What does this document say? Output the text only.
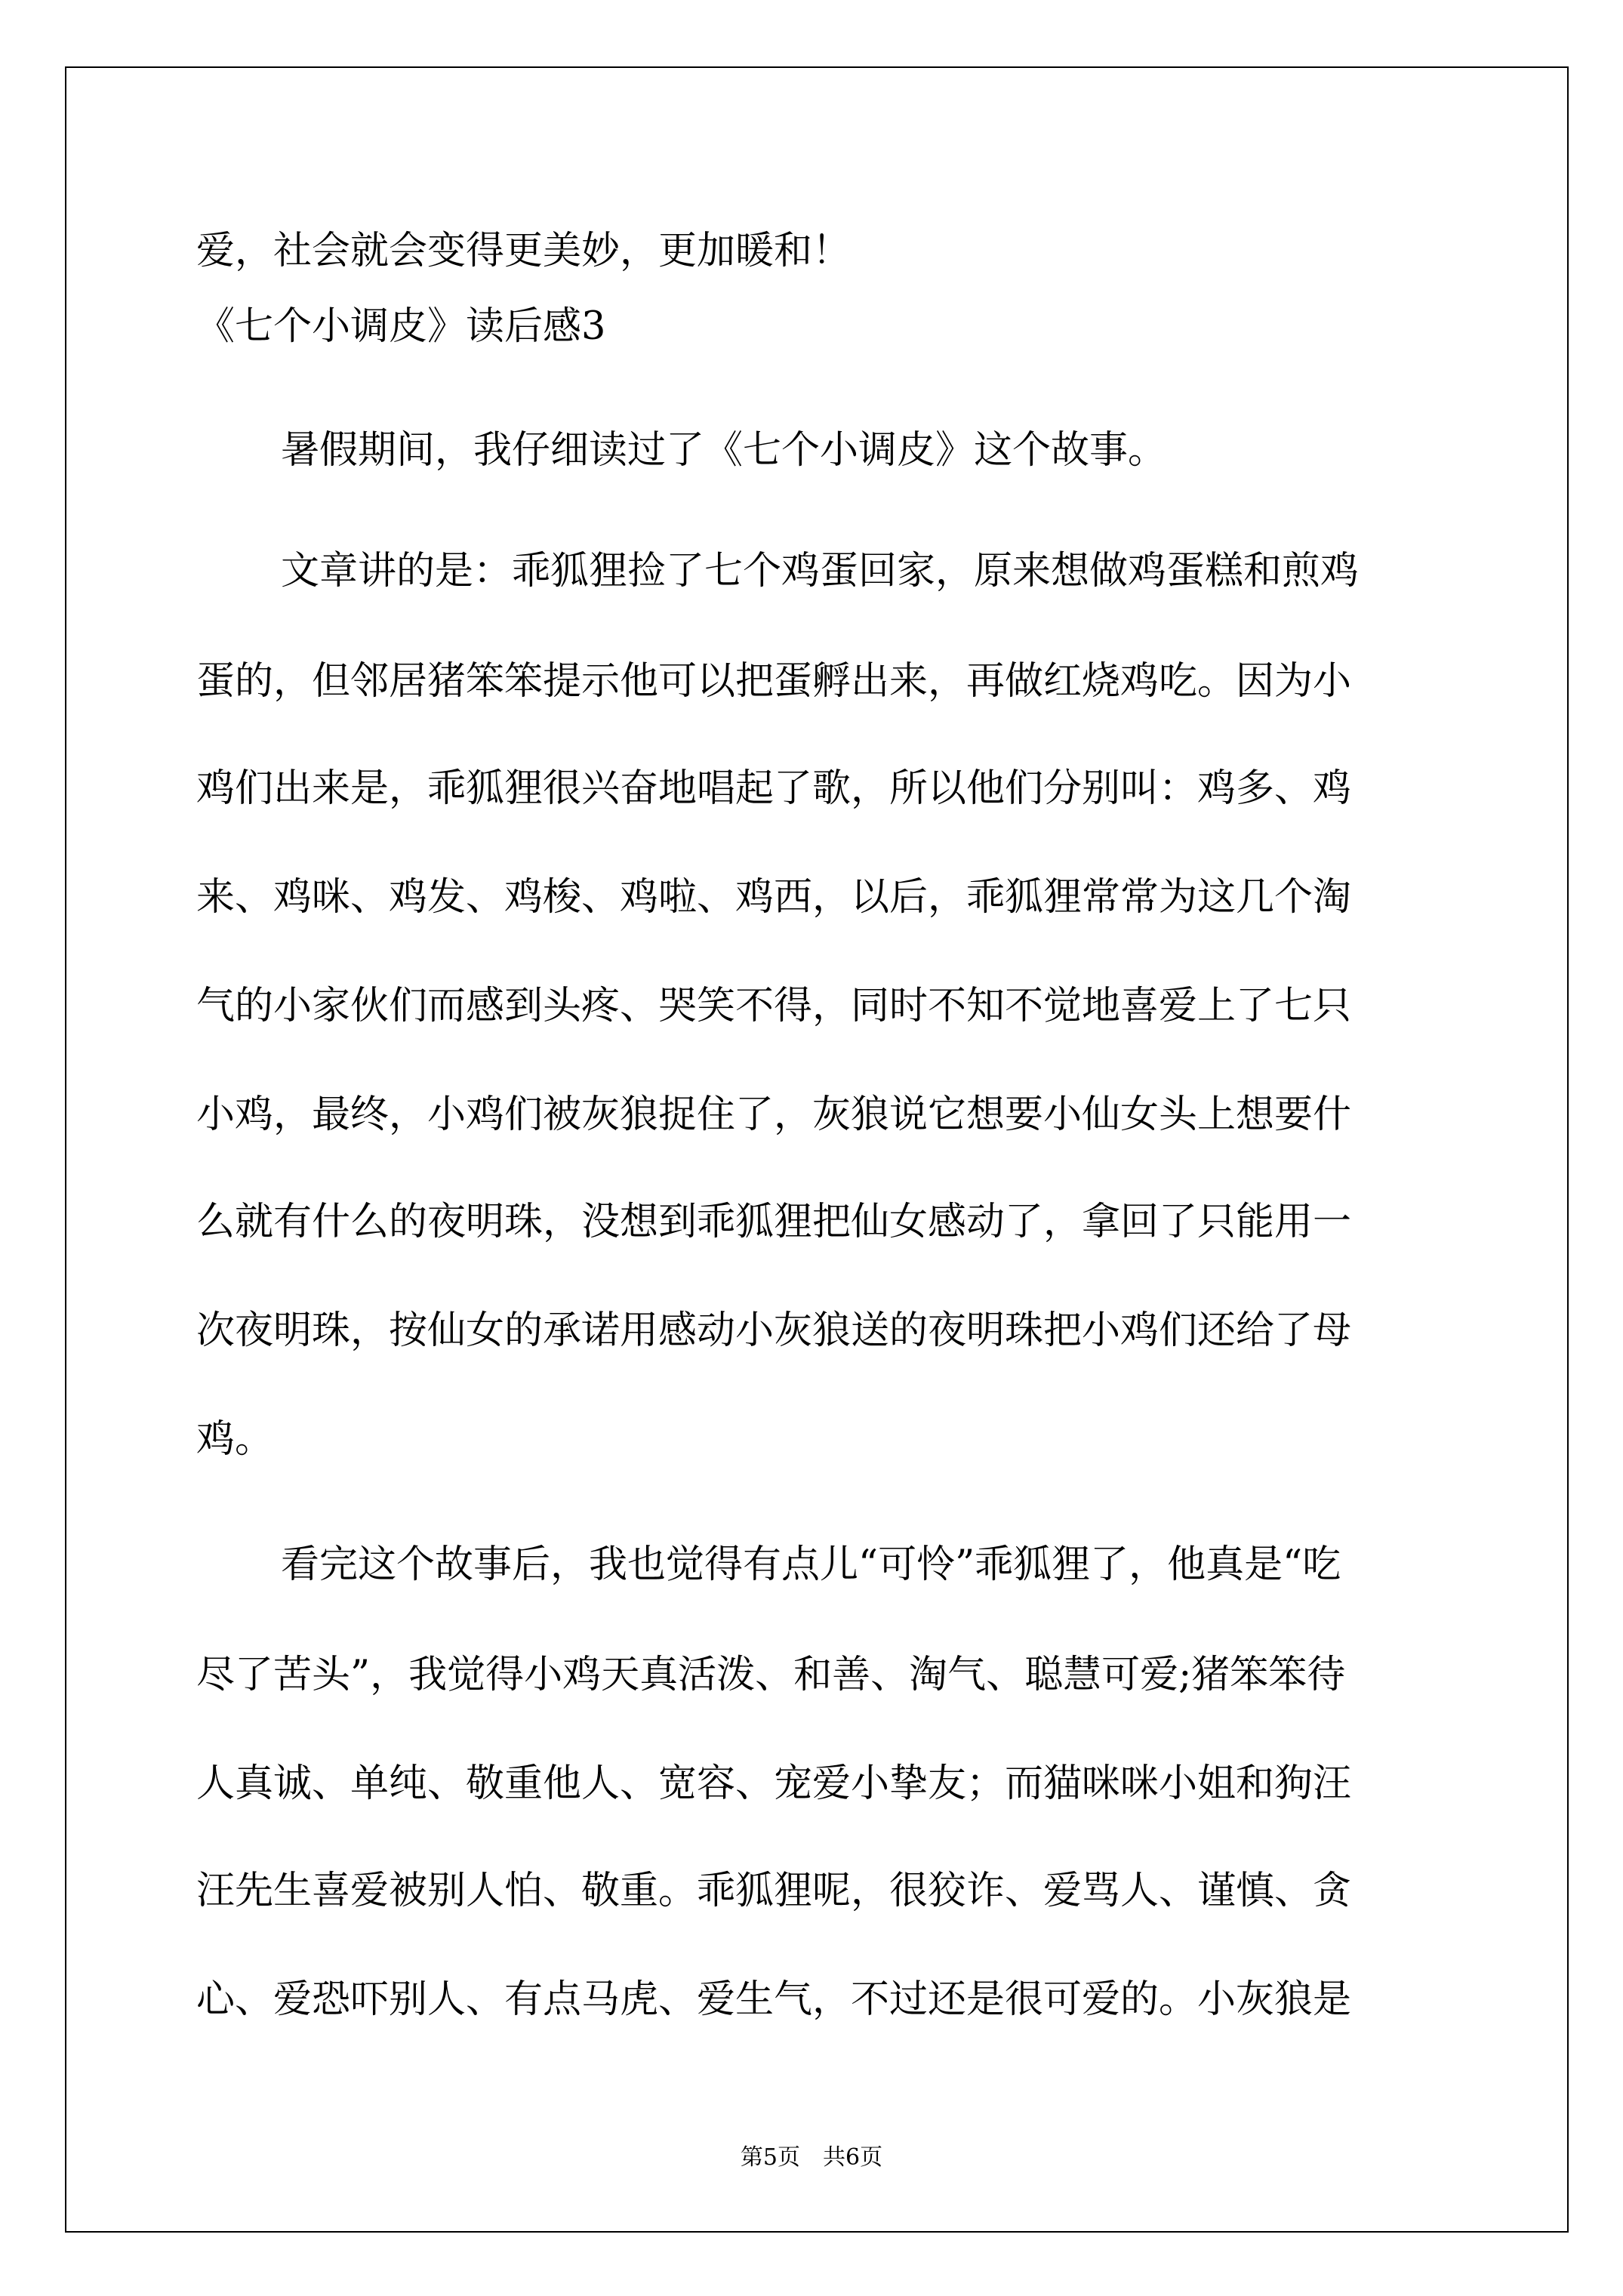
爱，社会就会变得更美妙，更加暖和！

《七个小调皮》读后感3

暑假期间，我仔细读过了《七个小调皮》这个故事。

文章讲的是：乖狐狸捡了七个鸡蛋回家，原来想做鸡蛋糕和煎鸡

蛋的，但邻居猪笨笨提示他可以把蛋孵出来，再做红烧鸡吃。因为小

鸡们出来是，乖狐狸很兴奋地唱起了歌，所以他们分别叫：鸡多、鸡

来、鸡咪、鸡发、鸡梭、鸡啦、鸡西，以后，乖狐狸常常为这几个淘

气的小家伙们而感到头疼、哭笑不得，同时不知不觉地喜爱上了七只

小鸡，最终，小鸡们被灰狼捉住了，灰狼说它想要小仙女头上想要什

么就有什么的夜明珠，没想到乖狐狸把仙女感动了，拿回了只能用一

次夜明珠，按仙女的承诺用感动小灰狼送的夜明珠把小鸡们还给了母

鸡。

看完这个故事后，我也觉得有点儿“可怜”乖狐狸了，他真是“吃

尽了苦头”，我觉得小鸡天真活泼、和善、淘气、聪慧可爱;猪笨笨待

人真诚、单纯、敬重他人、宽容、宠爱小挚友；而猫咪咪小姐和狗汪

汪先生喜爱被别人怕、敬重。乖狐狸呢，很狡诈、爱骂人、谨慎、贪

心、爱恐吓别人、有点马虎、爱生气，不过还是很可爱的。小灰狼是

第5页　共6页
